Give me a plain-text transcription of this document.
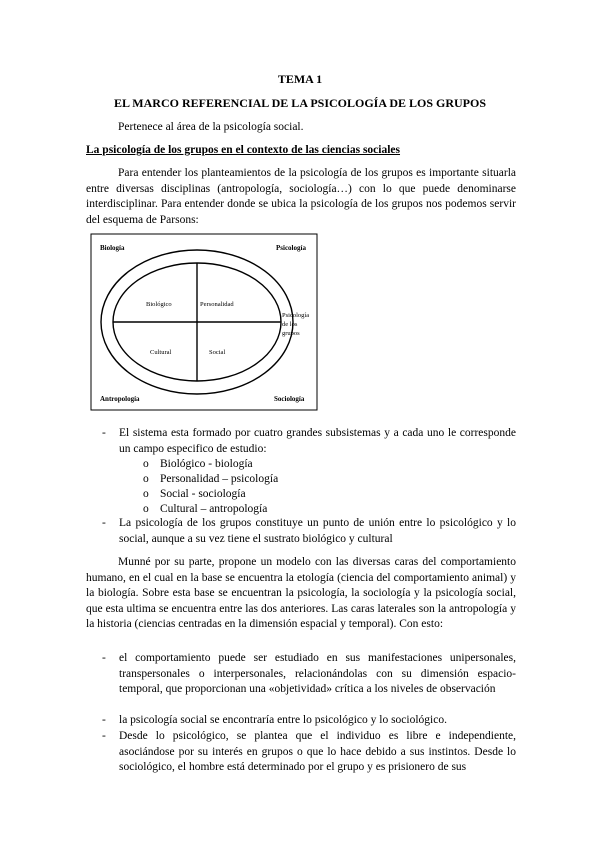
TEMA 1
EL MARCO REFERENCIAL DE LA PSICOLOGÍA DE LOS GRUPOS
Pertenece al área de la psicología social.
La psicología de los grupos en el contexto de las ciencias sociales
Para entender los planteamientos de la psicología de los grupos es importante situarla entre diversas disciplinas (antropología, sociología…) con lo que puede denominarse interdisciplinar. Para entender donde se ubica la psicología de los grupos nos podemos servir del esquema de Parsons:
Biología	Psicología
Antropología	Sociología
Biológico	Personalidad
Cultural	Social
Psicología
de los
grupos
- El sistema esta formado por cuatro grandes subsistemas y a cada uno le corresponde un campo especifico de estudio:
o Biológico - biología
o Personalidad – psicología
o Social - sociología
o Cultural – antropología
- La psicología de los grupos constituye un punto de unión entre lo psicológico y lo social, aunque a su vez tiene el sustrato biológico y cultural
Munné por su parte, propone un modelo con las diversas caras del comportamiento humano, en el cual en la base se encuentra la etología (ciencia del comportamiento animal) y la biología. Sobre esta base se encuentran la psicología, la sociología y la psicología social, que esta ultima se encuentra entre las dos anteriores. Las caras laterales son la antropología y la historia (ciencias centradas en la dimensión espacial y temporal). Con esto:
- el comportamiento puede ser estudiado en sus manifestaciones unipersonales, transpersonales o interpersonales, relacionándolas con su dimensión espacio-temporal, que proporcionan una «objetividad» crítica a los niveles de observación
- la psicología social se encontraría entre lo psicológico y lo sociológico.
- Desde lo psicológico, se plantea que el individuo es libre e independiente, asociándose por su interés en grupos o que lo hace debido a sus instintos. Desde lo sociológico, el hombre está determinado por el grupo y es prisionero de sus
